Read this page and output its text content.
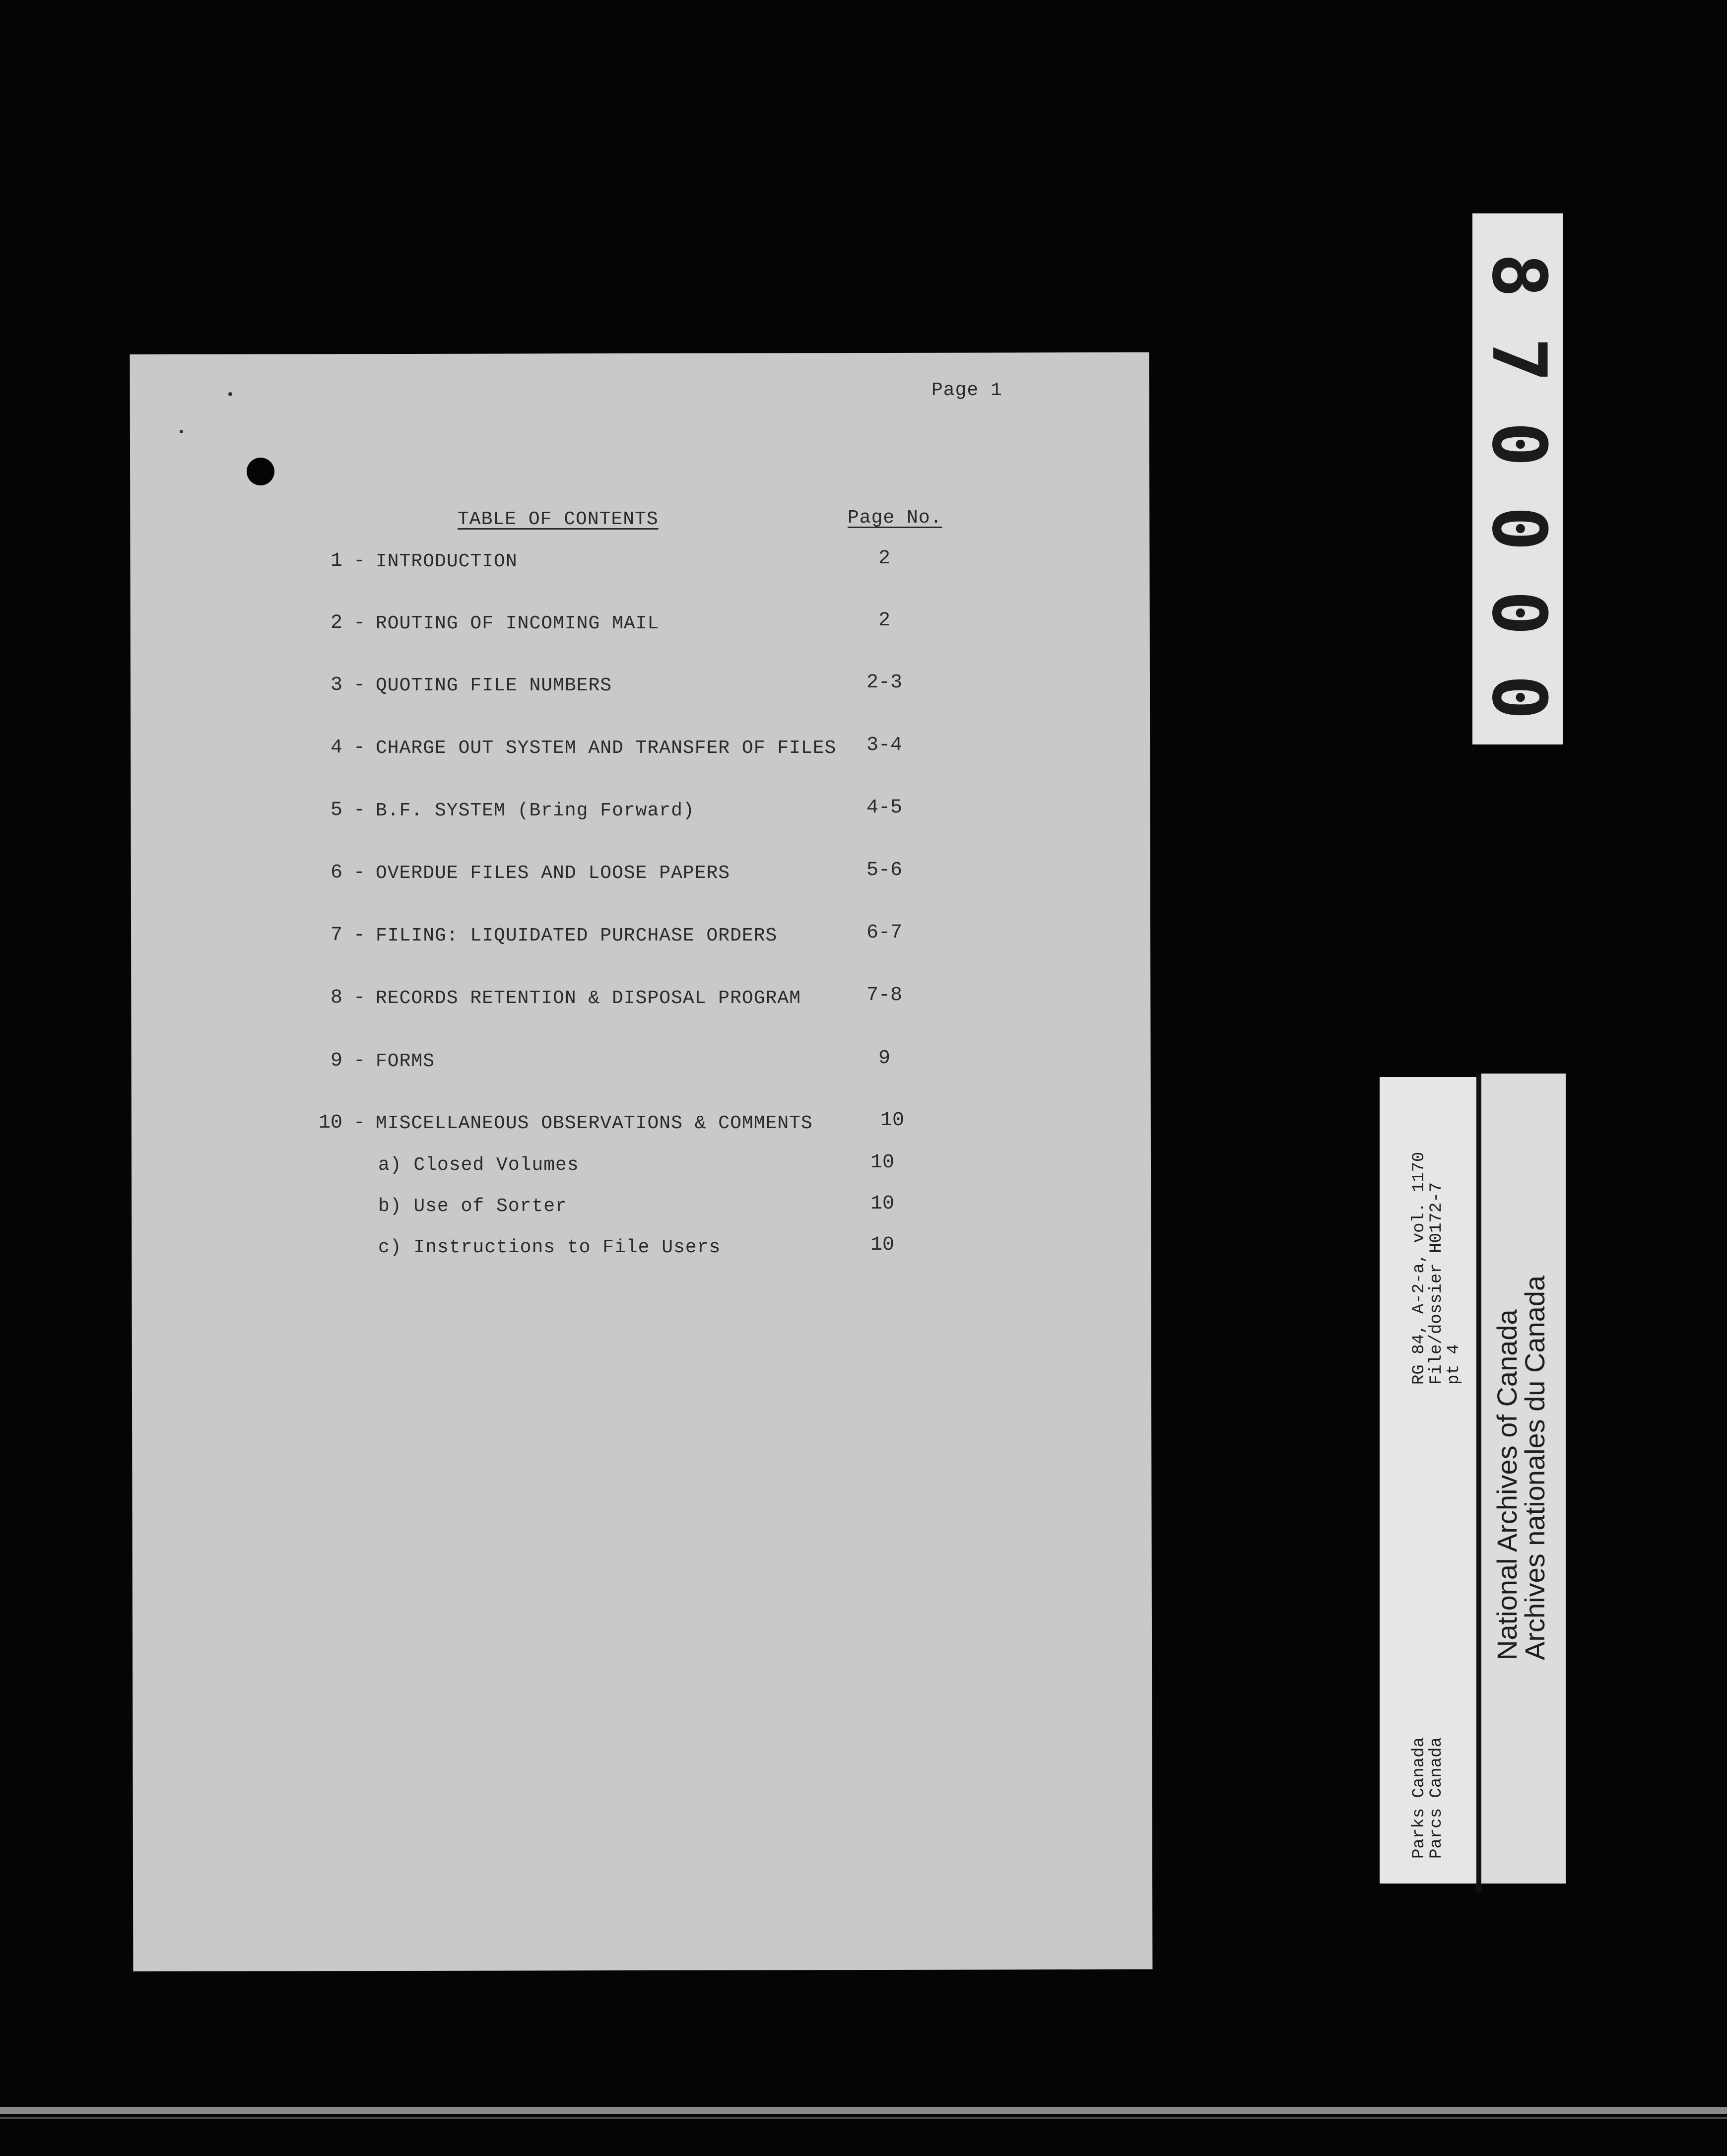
Page 1
TABLE OF CONTENTS	Page No.
1 - INTRODUCTION	2
2 - ROUTING OF INCOMING MAIL	2
3 - QUOTING FILE NUMBERS	2-3
4 - CHARGE OUT SYSTEM AND TRANSFER OF FILES	3-4
5 - B.F. SYSTEM (Bring Forward)	4-5
6 - OVERDUE FILES AND LOOSE PAPERS	5-6
7 - FILING: LIQUIDATED PURCHASE ORDERS	6-7
8 - RECORDS RETENTION & DISPOSAL PROGRAM	7-8
9 - FORMS	9
10 - MISCELLANEOUS OBSERVATIONS & COMMENTS	10
a) Closed Volumes	10
b) Use of Sorter	10
c) Instructions to File Users	10
8
7
0
0
0
0
RG 84, A-2-a, vol. 1170
File/dossier H0172-7
pt 4
Parks Canada
Parcs Canada
National Archives of Canada
Archives nationales du Canada
